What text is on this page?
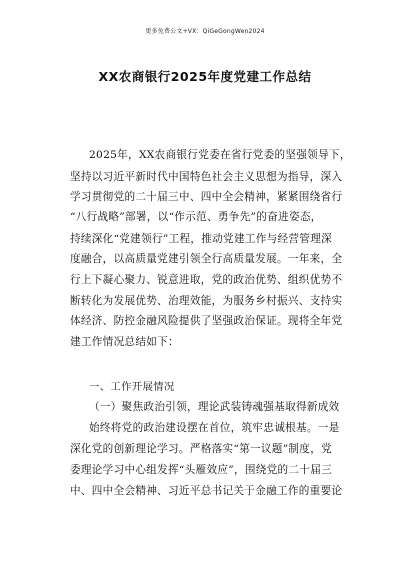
更多免费公文+VX：QiGeGongWen2024
XX农商银行2025年度党建工作总结
2025年，XX农商银行党委在省行党委的坚强领导下，
坚持以习近平新时代中国特色社会主义思想为指导，深入
学习贯彻党的二十届三中、四中全会精神，紧紧围绕省行
“八行战略”部署，以“作示范、勇争先”的奋进姿态，
持续深化“党建领行”工程，推动党建工作与经营管理深
度融合，以高质量党建引领全行高质量发展。一年来，全
行上下凝心聚力、锐意进取，党的政治优势、组织优势不
断转化为发展优势、治理效能，为服务乡村振兴、支持实
体经济、防控金融风险提供了坚强政治保证。现将全年党
建工作情况总结如下：
一、工作开展情况
（一）聚焦政治引领，理论武装铸魂强基取得新成效
始终将党的政治建设摆在首位，筑牢忠诚根基。一是
深化党的创新理论学习。严格落实“第一议题”制度，党
委理论学习中心组发挥“头雁效应”，围绕党的二十届三
中、四中全会精神、习近平总书记关于金融工作的重要论
